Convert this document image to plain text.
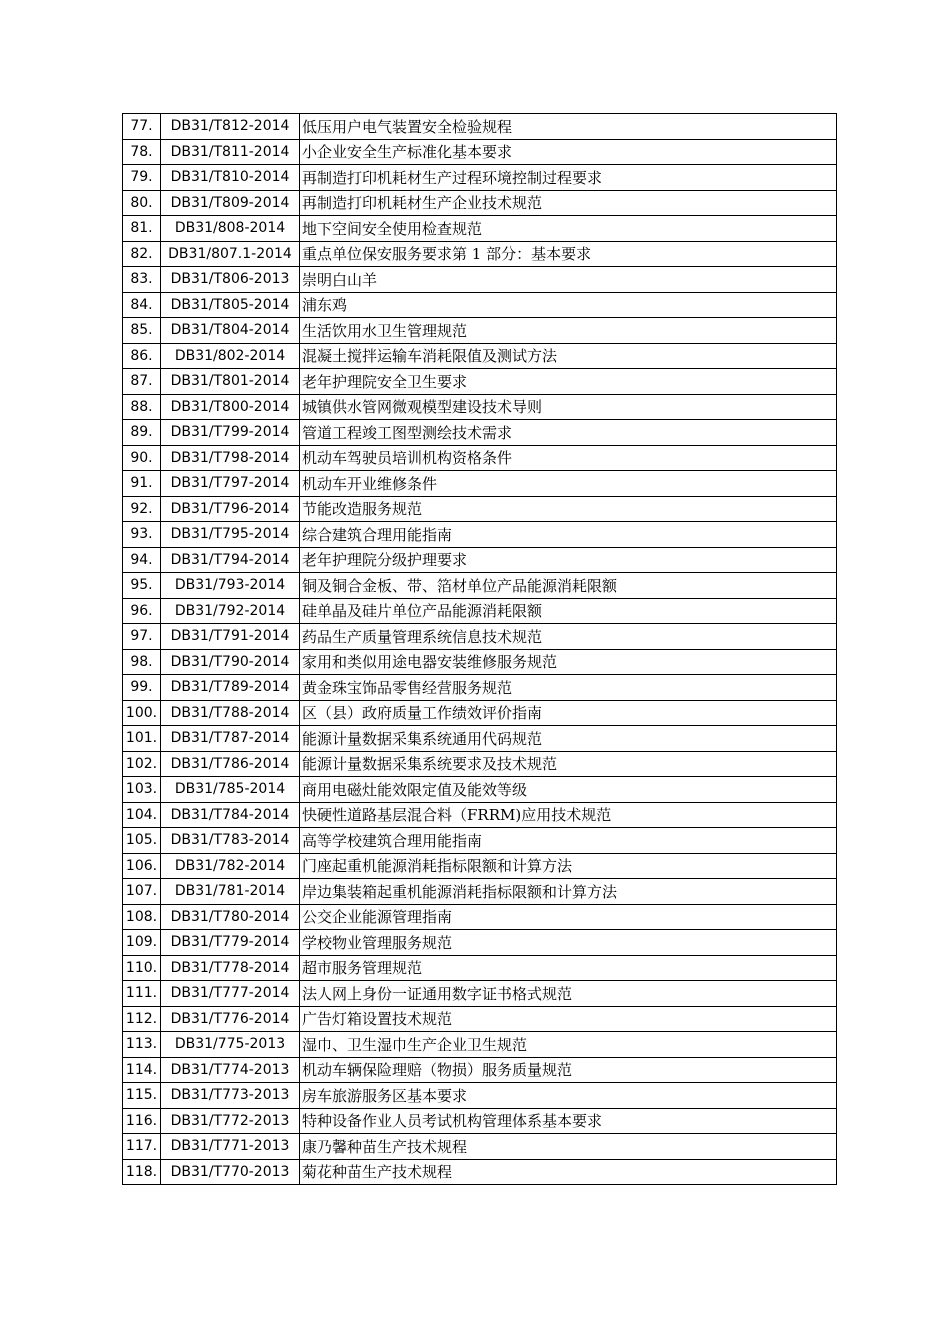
77.	DB31/T812-2014	低压用户电气装置安全检验规程
78.	DB31/T811-2014	小企业安全生产标准化基本要求
79.	DB31/T810-2014	再制造打印机耗材生产过程环境控制过程要求
80.	DB31/T809-2014	再制造打印机耗材生产企业技术规范
81.	DB31/808-2014	地下空间安全使用检查规范
82.	DB31/807.1-2014	重点单位保安服务要求第 1 部分：基本要求
83.	DB31/T806-2013	崇明白山羊
84.	DB31/T805-2014	浦东鸡
85.	DB31/T804-2014	生活饮用水卫生管理规范
86.	DB31/802-2014	混凝土搅拌运输车消耗限值及测试方法
87.	DB31/T801-2014	老年护理院安全卫生要求
88.	DB31/T800-2014	城镇供水管网微观模型建设技术导则
89.	DB31/T799-2014	管道工程竣工图型测绘技术需求
90.	DB31/T798-2014	机动车驾驶员培训机构资格条件
91.	DB31/T797-2014	机动车开业维修条件
92.	DB31/T796-2014	节能改造服务规范
93.	DB31/T795-2014	综合建筑合理用能指南
94.	DB31/T794-2014	老年护理院分级护理要求
95.	DB31/793-2014	铜及铜合金板、带、箔材单位产品能源消耗限额
96.	DB31/792-2014	硅单晶及硅片单位产品能源消耗限额
97.	DB31/T791-2014	药品生产质量管理系统信息技术规范
98.	DB31/T790-2014	家用和类似用途电器安装维修服务规范
99.	DB31/T789-2014	黄金珠宝饰品零售经营服务规范
100.	DB31/T788-2014	区（县）政府质量工作绩效评价指南
101.	DB31/T787-2014	能源计量数据采集系统通用代码规范
102.	DB31/T786-2014	能源计量数据采集系统要求及技术规范
103.	DB31/785-2014	商用电磁灶能效限定值及能效等级
104.	DB31/T784-2014	快硬性道路基层混合料（FRRM)应用技术规范
105.	DB31/T783-2014	高等学校建筑合理用能指南
106.	DB31/782-2014	门座起重机能源消耗指标限额和计算方法
107.	DB31/781-2014	岸边集装箱起重机能源消耗指标限额和计算方法
108.	DB31/T780-2014	公交企业能源管理指南
109.	DB31/T779-2014	学校物业管理服务规范
110.	DB31/T778-2014	超市服务管理规范
111.	DB31/T777-2014	法人网上身份一证通用数字证书格式规范
112.	DB31/T776-2014	广告灯箱设置技术规范
113.	DB31/775-2013	湿巾、卫生湿巾生产企业卫生规范
114.	DB31/T774-2013	机动车辆保险理赔（物损）服务质量规范
115.	DB31/T773-2013	房车旅游服务区基本要求
116.	DB31/T772-2013	特种设备作业人员考试机构管理体系基本要求
117.	DB31/T771-2013	康乃馨种苗生产技术规程
118.	DB31/T770-2013	菊花种苗生产技术规程
